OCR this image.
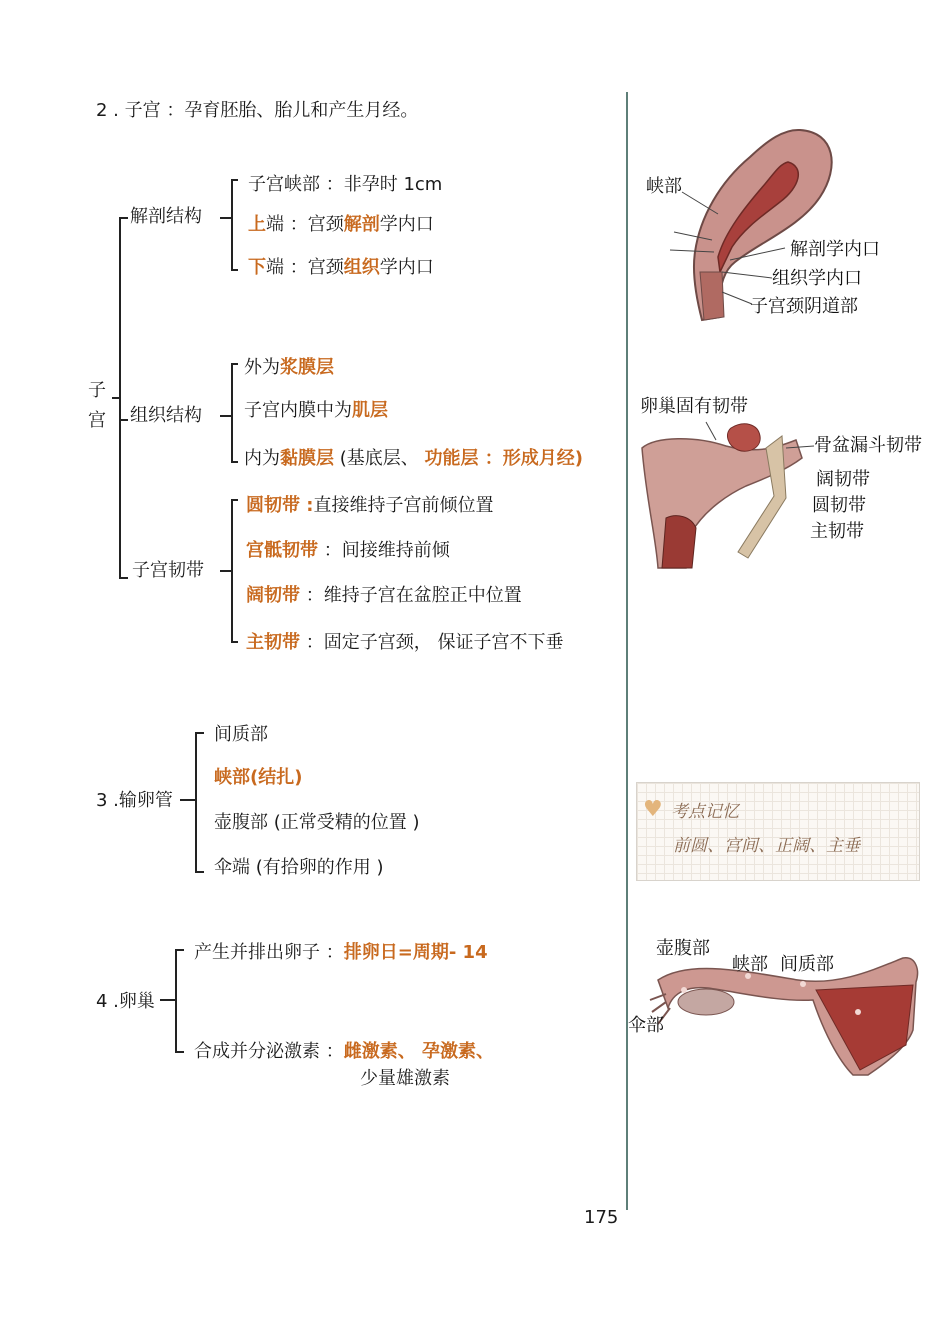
2 . 子宫 ：孕育胚胎、胎儿和产生月经。
子
宫
解剖结构
子宫峡部 ：非孕时 1cm
上端 ：宫颈解剖学内口
下端 ：宫颈组织学内口
组织结构
外为浆膜层
子宫内膜中为肌层
内为黏膜层 (基底层、 功能层 ：形成月经)
子宫韧带
圆韧带 :直接维持子宫前倾位置
宫骶韧带 ：间接维持前倾
阔韧带 ：维持子宫在盆腔正中位置
主韧带 ：固定子宫颈， 保证子宫不下垂
3 .输卵管
间质部
峡部(结扎)
壶腹部 (正常受精的位置 )
伞端 (有拾卵的作用 )
4 .卵巢
产生并排出卵子 ：排卵日=周期- 14
合成并分泌激素 ：雌激素、 孕激素、
少量雄激素
峡部
解剖学内口
组织学内口
子宫颈阴道部
卵巢固有韧带
骨盆漏斗韧带
阔韧带
圆韧带
主韧带
♥ 考点记忆
前圆、宫间、正阔、主垂
壶腹部
峡部 间质部
伞部
175
